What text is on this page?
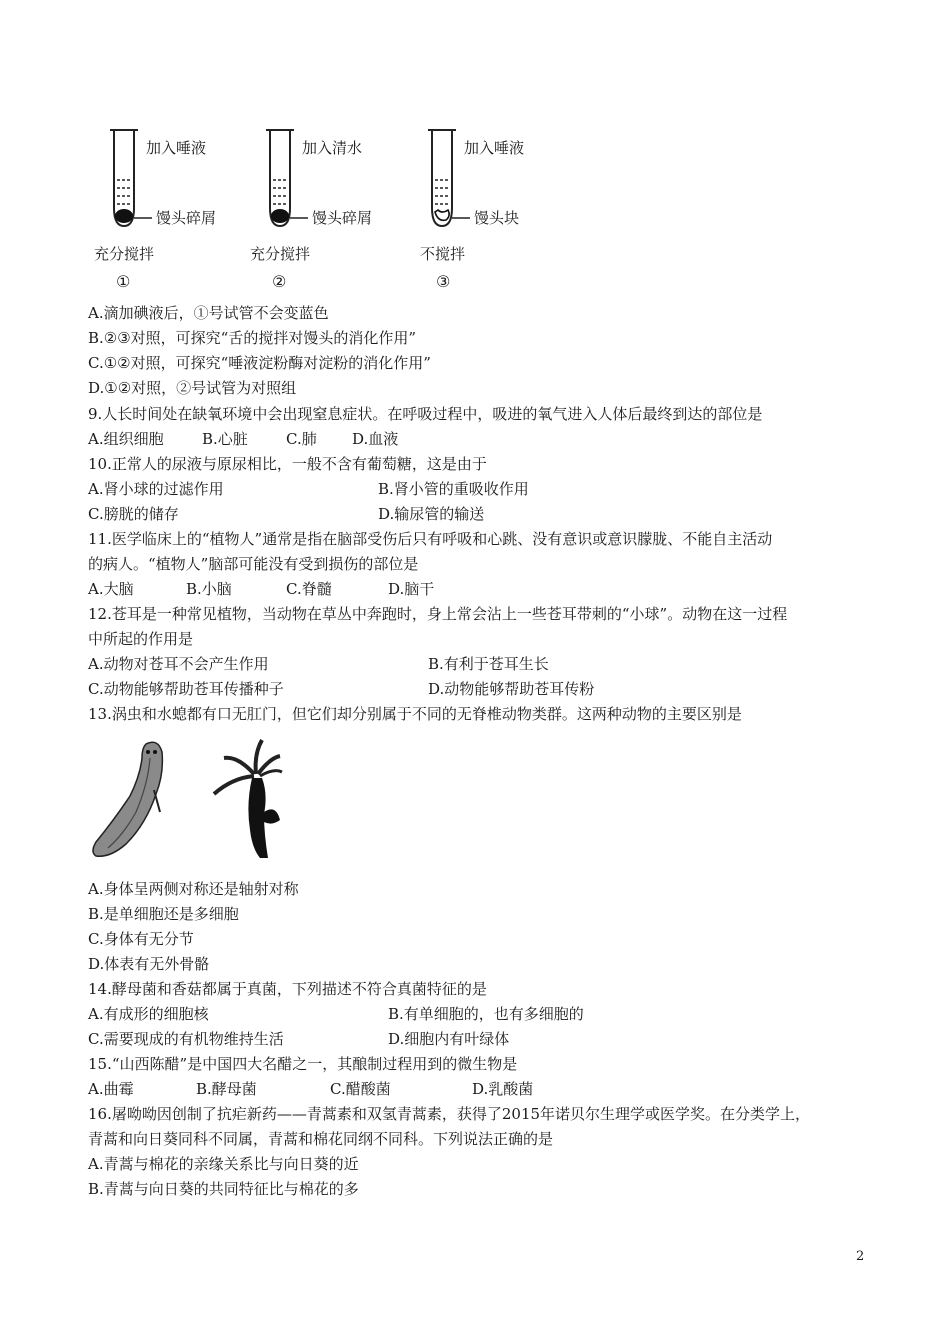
加入唾液
馒头碎屑
充分搅拌
①
加入清水
馒头碎屑
充分搅拌
②
加入唾液
馒头块
不搅拌
③
A.滴加碘液后，①号试管不会变蓝色
B.②③对照，可探究“舌的搅拌对馒头的消化作用”
C.①②对照，可探究“唾液淀粉酶对淀粉的消化作用”
D.①②对照，②号试管为对照组
9.人长时间处在缺氧环境中会出现窒息症状。在呼吸过程中，吸进的氧气进入人体后最终到达的部位是
A.组织细胞	B.心脏	C.肺 D.血液
10.正常人的尿液与原尿相比，一般不含有葡萄糖，这是由于
A.肾小球的过滤作用	B.肾小管的重吸收作用
C.膀胱的储存	D.输尿管的输送
11.医学临床上的“植物人”通常是指在脑部受伤后只有呼吸和心跳、没有意识或意识朦胧、不能自主活动
的病人。“植物人”脑部可能没有受到损伤的部位是
A.大脑	B.小脑	C.脊髓	D.脑干
12.苍耳是一种常见植物，当动物在草丛中奔跑时，身上常会沾上一些苍耳带刺的“小球”。动物在这一过程
中所起的作用是
A.动物对苍耳不会产生作用	B.有利于苍耳生长
C.动物能够帮助苍耳传播种子	D.动物能够帮助苍耳传粉
13.涡虫和水螅都有口无肛门，但它们却分别属于不同的无脊椎动物类群。这两种动物的主要区别是
A.身体呈两侧对称还是轴射对称
B.是单细胞还是多细胞
C.身体有无分节
D.体表有无外骨骼
14.酵母菌和香菇都属于真菌，下列描述不符合真菌特征的是
A.有成形的细胞核	B.有单细胞的，也有多细胞的
C.需要现成的有机物维持生活	D.细胞内有叶绿体
15.“山西陈醋”是中国四大名醋之一，其酿制过程用到的微生物是
A.曲霉	B.酵母菌	C.醋酸菌	D.乳酸菌
16.屠呦呦因创制了抗疟新药——青蒿素和双氢青蒿素，获得了2015年诺贝尔生理学或医学奖。在分类学上，
青蒿和向日葵同科不同属，青蒿和棉花同纲不同科。下列说法正确的是
A.青蒿与棉花的亲缘关系比与向日葵的近
B.青蒿与向日葵的共同特征比与棉花的多
2
